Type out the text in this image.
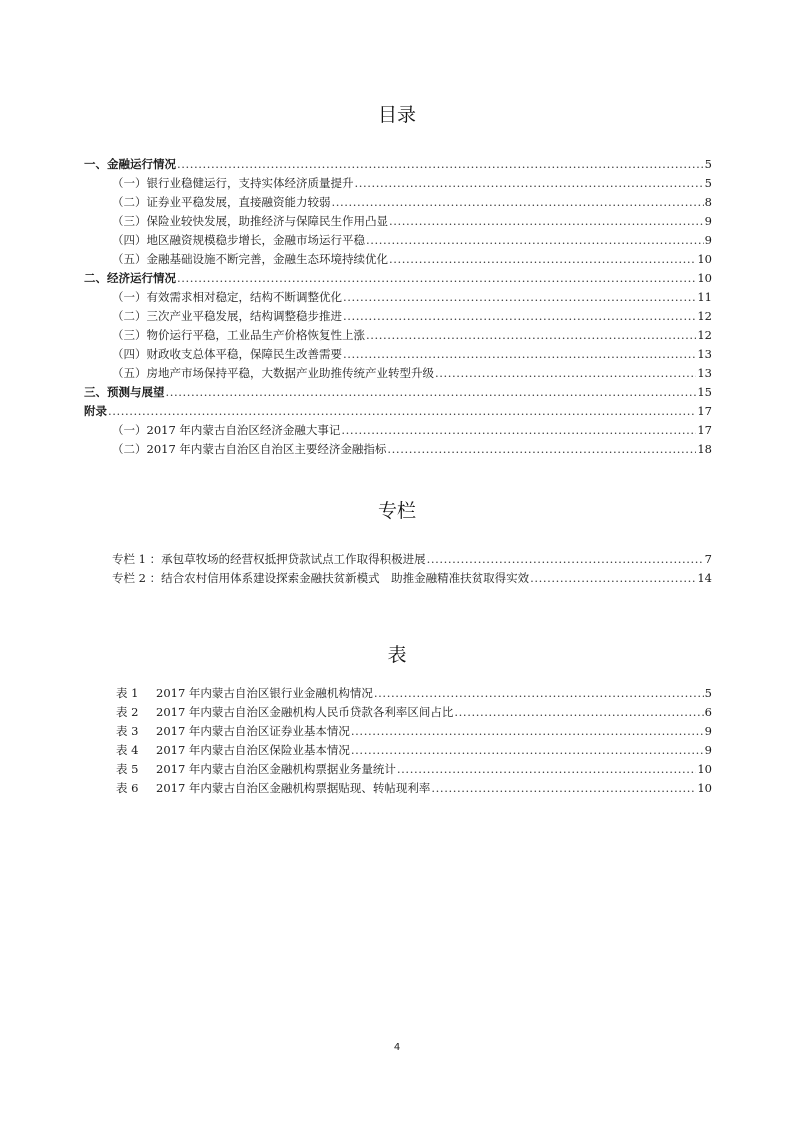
目录
一、金融运行情况 .....	5
（一）银行业稳健运行，支持实体经济质量提升 .....	5
（二）证券业平稳发展，直接融资能力较弱 .....	8
（三）保险业较快发展，助推经济与保障民生作用凸显 .....	9
（四）地区融资规模稳步增长，金融市场运行平稳 .....	9
（五）金融基础设施不断完善，金融生态环境持续优化 .....	10
二、经济运行情况 .....	10
（一）有效需求相对稳定，结构不断调整优化 .....	11
（二）三次产业平稳发展，结构调整稳步推进 .....	12
（三）物价运行平稳，工业品生产价格恢复性上涨 .....	12
（四）财政收支总体平稳，保障民生改善需要 .....	13
（五）房地产市场保持平稳，大数据产业助推传统产业转型升级 .....	13
三、预测与展望 .....	15
附录 .....	17
（一）2017 年内蒙古自治区经济金融大事记 .....	17
（二）2017 年内蒙古自治区自治区主要经济金融指标 .....	18
专栏
专栏 1 ：承包草牧场的经营权抵押贷款试点工作取得积极进展 .....	7
专栏 2 ：结合农村信用体系建设探索金融扶贫新模式　助推金融精准扶贫取得实效 .....	14
表
表 1	2017 年内蒙古自治区银行业金融机构情况 .....	5
表 2	2017 年内蒙古自治区金融机构人民币贷款各利率区间占比 .....	6
表 3	2017 年内蒙古自治区证券业基本情况 .....	9
表 4	2017 年内蒙古自治区保险业基本情况 .....	9
表 5	2017 年内蒙古自治区金融机构票据业务量统计 .....	10
表 6	2017 年内蒙古自治区金融机构票据贴现、转帖现利率 .....	10
4
